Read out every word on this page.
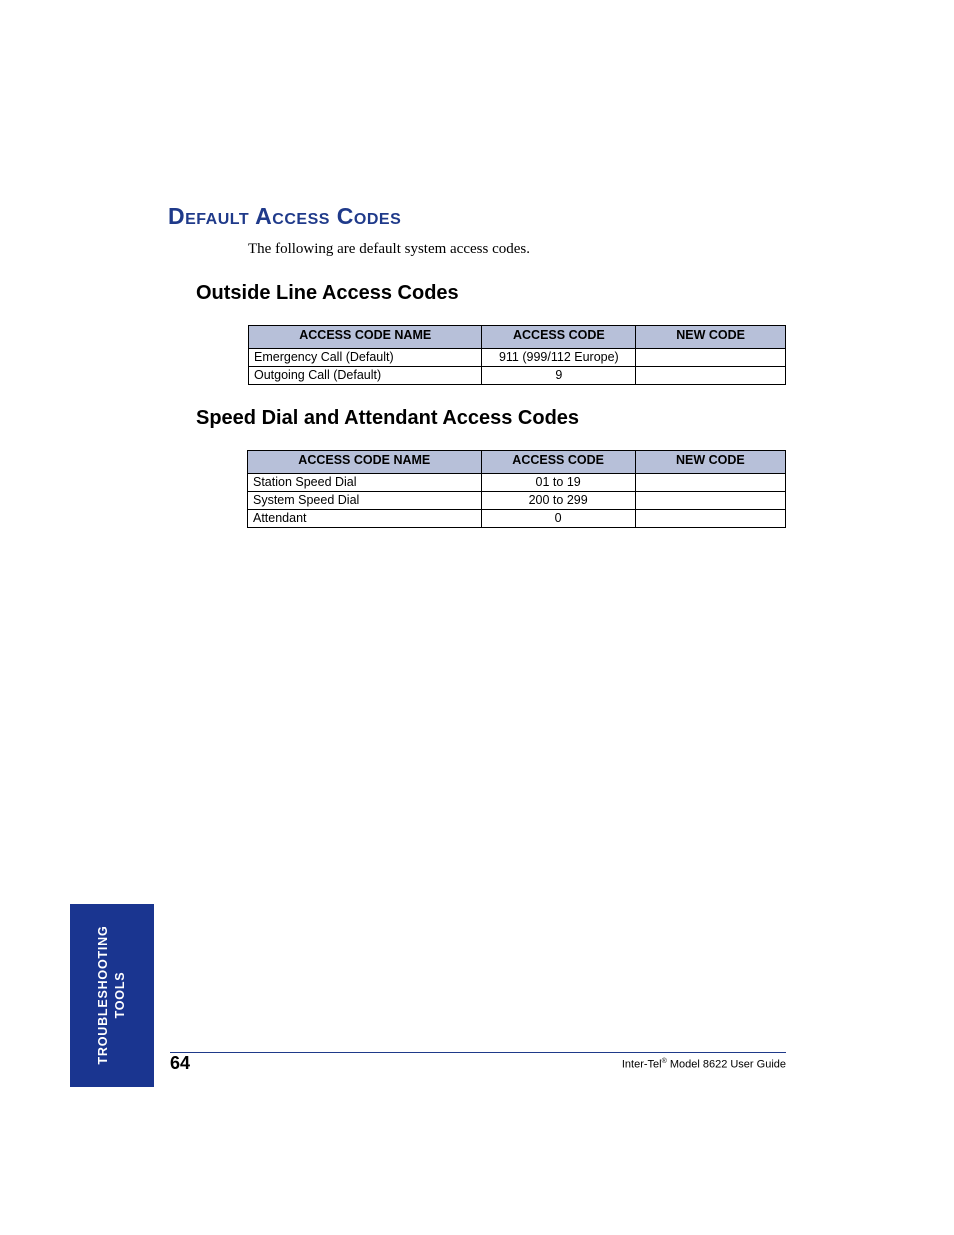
Default Access Codes

The following are default system access codes.

Outside Line Access Codes
ACCESS CODE NAME	ACCESS CODE	NEW CODE
Emergency Call (Default)	911 (999/112 Europe)	
Outgoing Call (Default)	9	
Speed Dial and Attendant Access Codes
ACCESS CODE NAME	ACCESS CODE	NEW CODE
Station Speed Dial	01 to 19	
System Speed Dial	200 to 299	
Attendant	0	
TROUBLESHOOTING TOOLS
64	Inter-Tel® Model 8622 User Guide
